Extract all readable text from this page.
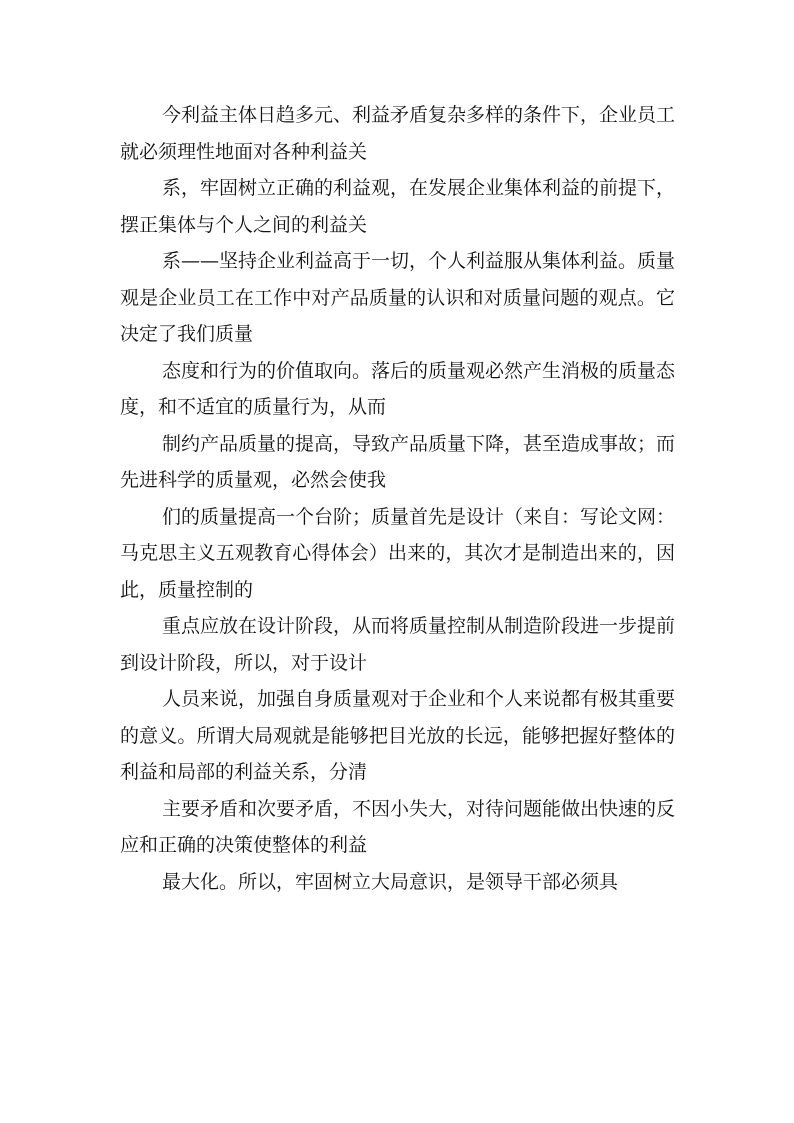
今利益主体日趋多元、利益矛盾复杂多样的条件下，企业员工就必须理性地面对各种利益关

系，牢固树立正确的利益观，在发展企业集体利益的前提下，摆正集体与个人之间的利益关

系——坚持企业利益高于一切，个人利益服从集体利益。质量观是企业员工在工作中对产品质量的认识和对质量问题的观点。它决定了我们质量

态度和行为的价值取向。落后的质量观必然产生消极的质量态度，和不适宜的质量行为，从而

制约产品质量的提高，导致产品质量下降，甚至造成事故；而先进科学的质量观，必然会使我

们的质量提高一个台阶；质量首先是设计（来自：写论文网：马克思主义五观教育心得体会）出来的，其次才是制造出来的，因此，质量控制的

重点应放在设计阶段，从而将质量控制从制造阶段进一步提前到设计阶段，所以，对于设计

人员来说，加强自身质量观对于企业和个人来说都有极其重要的意义。所谓大局观就是能够把目光放的长远，能够把握好整体的利益和局部的利益关系，分清

主要矛盾和次要矛盾，不因小失大，对待问题能做出快速的反应和正确的决策使整体的利益

最大化。所以，牢固树立大局意识，是领导干部必须具
